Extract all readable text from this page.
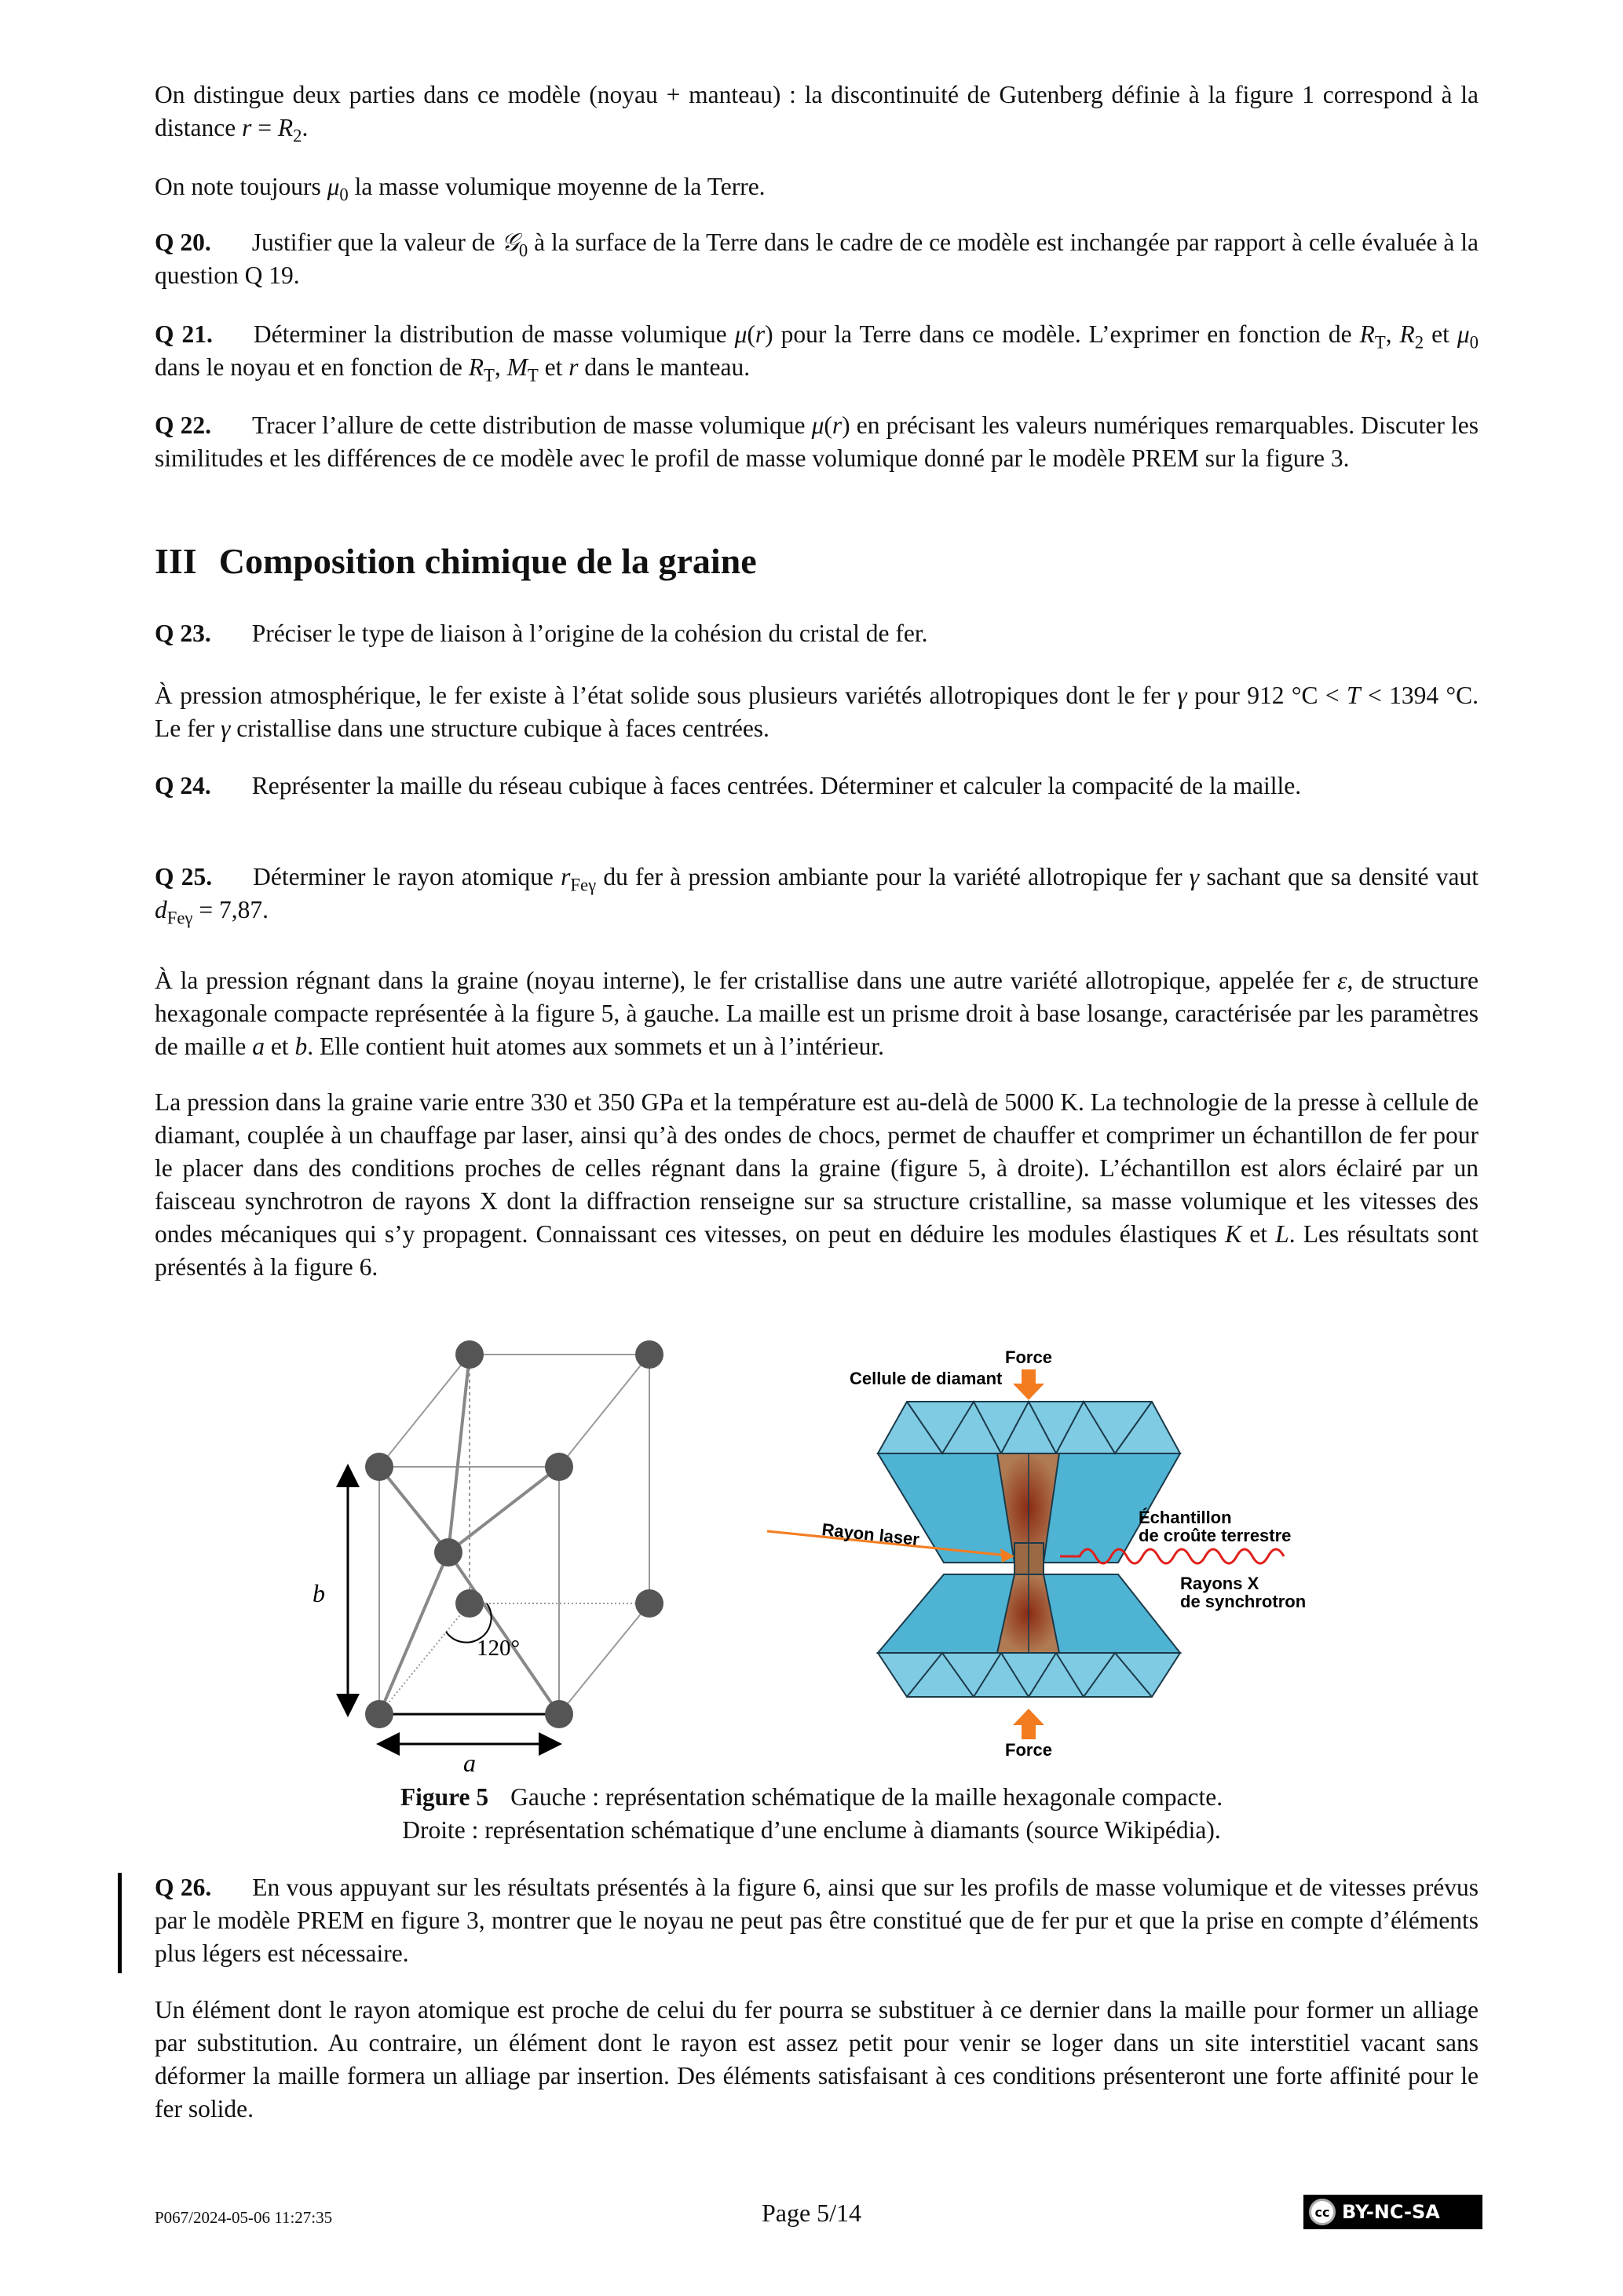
On distingue deux parties dans ce modèle (noyau + manteau) : la discontinuité de Gutenberg définie à la figure 1 correspond à la distance $r = R_2$.

On note toujours $\mu_0$ la masse volumique moyenne de la Terre.

Q 20. Justifier que la valeur de 𝒢$_0$ à la surface de la Terre dans le cadre de ce modèle est inchangée par rapport à celle évaluée à la question Q 19.

Q 21. Déterminer la distribution de masse volumique μ(r) pour la Terre dans ce modèle. L’exprimer en fonction de $R_T$, $R_2$ et $\mu_0$ dans le noyau et en fonction de $R_T$, $M_T$ et r dans le manteau.

Q 22. Tracer l’allure de cette distribution de masse volumique μ(r) en précisant les valeurs numériques remarquables. Discuter les similitudes et les différences de ce modèle avec le profil de masse volumique donné par le modèle PREM sur la figure 3.

III Composition chimique de la graine

Q 23. Préciser le type de liaison à l’origine de la cohésion du cristal de fer.

À pression atmosphérique, le fer existe à l’état solide sous plusieurs variétés allotropiques dont le fer γ pour 912 °C < T < 1394 °C. Le fer γ cristallise dans une structure cubique à faces centrées.

Q 24. Représenter la maille du réseau cubique à faces centrées. Déterminer et calculer la compacité de la maille.

Q 25. Déterminer le rayon atomique $r_{Fe\gamma}$ du fer à pression ambiante pour la variété allotropique fer γ sachant que sa densité vaut $d_{Fe\gamma} = 7,87$.

À la pression régnant dans la graine (noyau interne), le fer cristallise dans une autre variété allotropique, appelée fer ε, de structure hexagonale compacte représentée à la figure 5, à gauche. La maille est un prisme droit à base losange, caractérisée par les paramètres de maille a et b. Elle contient huit atomes aux sommets et un à l’intérieur.

La pression dans la graine varie entre 330 et 350 GPa et la température est au-delà de 5000 K. La technologie de la presse à cellule de diamant, couplée à un chauffage par laser, ainsi qu’à des ondes de chocs, permet de chauffer et comprimer un échantillon de fer pour le placer dans des conditions proches de celles régnant dans la graine (figure 5, à droite). L’échantillon est alors éclairé par un faisceau synchrotron de rayons X dont la diffraction renseigne sur sa structure cristalline, sa masse volumique et les vitesses des ondes mécaniques qui s’y propagent. Connaissant ces vitesses, on peut en déduire les modules élastiques K et L. Les résultats sont présentés à la figure 6.

b
a
120°
Force
Force
Cellule de diamant
Rayon laser
Échantillon
de croûte terrestre
Rayons X
de synchrotron
Figure 5 Gauche : représentation schématique de la maille hexagonale compacte.
Droite : représentation schématique d’une enclume à diamants (source Wikipédia).

Q 26. En vous appuyant sur les résultats présentés à la figure 6, ainsi que sur les profils de masse volumique et de vitesses prévus par le modèle PREM en figure 3, montrer que le noyau ne peut pas être constitué que de fer pur et que la prise en compte d’éléments plus légers est nécessaire.

Un élément dont le rayon atomique est proche de celui du fer pourra se substituer à ce dernier dans la maille pour former un alliage par substitution. Au contraire, un élément dont le rayon est assez petit pour venir se loger dans un site interstitiel vacant sans déformer la maille formera un alliage par insertion. Des éléments satisfaisant à ces conditions présenteront une forte affinité pour le fer solide.

P067/2024-05-06 11:27:35	Page 5/14	cc BY-NC-SA
